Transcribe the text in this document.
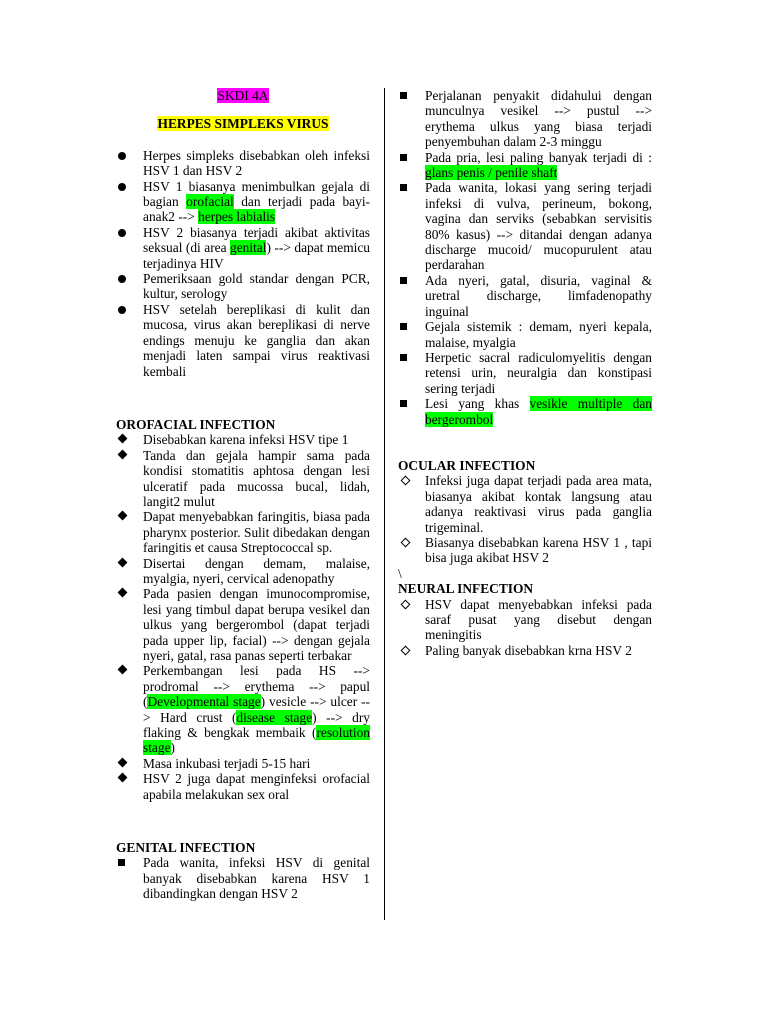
SKDI 4A
HERPES SIMPLEKS VIRUS
Herpes simpleks disebabkan oleh infeksi HSV 1 dan HSV 2
HSV 1 biasanya menimbulkan gejala di bagian orofacial dan terjadi pada bayi-anak2 --> herpes labialis
HSV 2 biasanya terjadi akibat aktivitas seksual (di area genital) --> dapat memicu terjadinya HIV
Pemeriksaan gold standar dengan PCR, kultur, serology
HSV setelah bereplikasi di kulit dan mucosa, virus akan bereplikasi di nerve endings menuju ke ganglia dan akan menjadi laten sampai virus reaktivasi kembali
OROFACIAL INFECTION
Disebabkan karena infeksi HSV tipe 1
Tanda dan gejala hampir sama pada kondisi stomatitis aphtosa dengan lesi ulceratif pada mucossa bucal, lidah, langit2 mulut
Dapat menyebabkan faringitis, biasa pada pharynx posterior. Sulit dibedakan dengan faringitis et causa Streptococcal sp.
Disertai dengan demam, malaise, myalgia, nyeri, cervical adenopathy
Pada pasien dengan imunocompromise, lesi yang timbul dapat berupa vesikel dan ulkus yang bergerombol (dapat terjadi pada upper lip, facial) --> dengan gejala nyeri, gatal, rasa panas seperti terbakar
Perkembangan lesi pada HS --> prodromal --> erythema --> papul (Developmental stage) vesicle --> ulcer --> Hard crust (disease stage) --> dry flaking & bengkak membaik (resolution stage)
Masa inkubasi terjadi 5-15 hari
HSV 2 juga dapat menginfeksi orofacial apabila melakukan sex oral
GENITAL INFECTION
Pada wanita, infeksi HSV di genital banyak disebabkan karena HSV 1 dibandingkan dengan HSV 2
Perjalanan penyakit didahului dengan munculnya vesikel --> pustul --> erythema ulkus yang biasa terjadi penyembuhan dalam 2-3 minggu
Pada pria, lesi paling banyak terjadi di : glans penis / penile shaft
Pada wanita, lokasi yang sering terjadi infeksi di vulva, perineum, bokong, vagina dan serviks (sebabkan servisitis 80% kasus) --> ditandai dengan adanya discharge mucoid/ mucopurulent atau perdarahan
Ada nyeri, gatal, disuria, vaginal & uretral discharge, limfadenopathy inguinal
Gejala sistemik : demam, nyeri kepala, malaise, myalgia
Herpetic sacral radiculomyelitis dengan retensi urin, neuralgia dan konstipasi sering terjadi
Lesi yang khas vesikle multiple dan bergerombol
OCULAR INFECTION
Infeksi juga dapat terjadi pada area mata, biasanya akibat kontak langsung atau adanya reaktivasi virus pada ganglia trigeminal.
Biasanya disebabkan karena HSV 1 , tapi bisa juga akibat HSV 2
\
NEURAL INFECTION
HSV dapat menyebabkan infeksi pada saraf pusat yang disebut dengan meningitis
Paling banyak disebabkan krna HSV 2
